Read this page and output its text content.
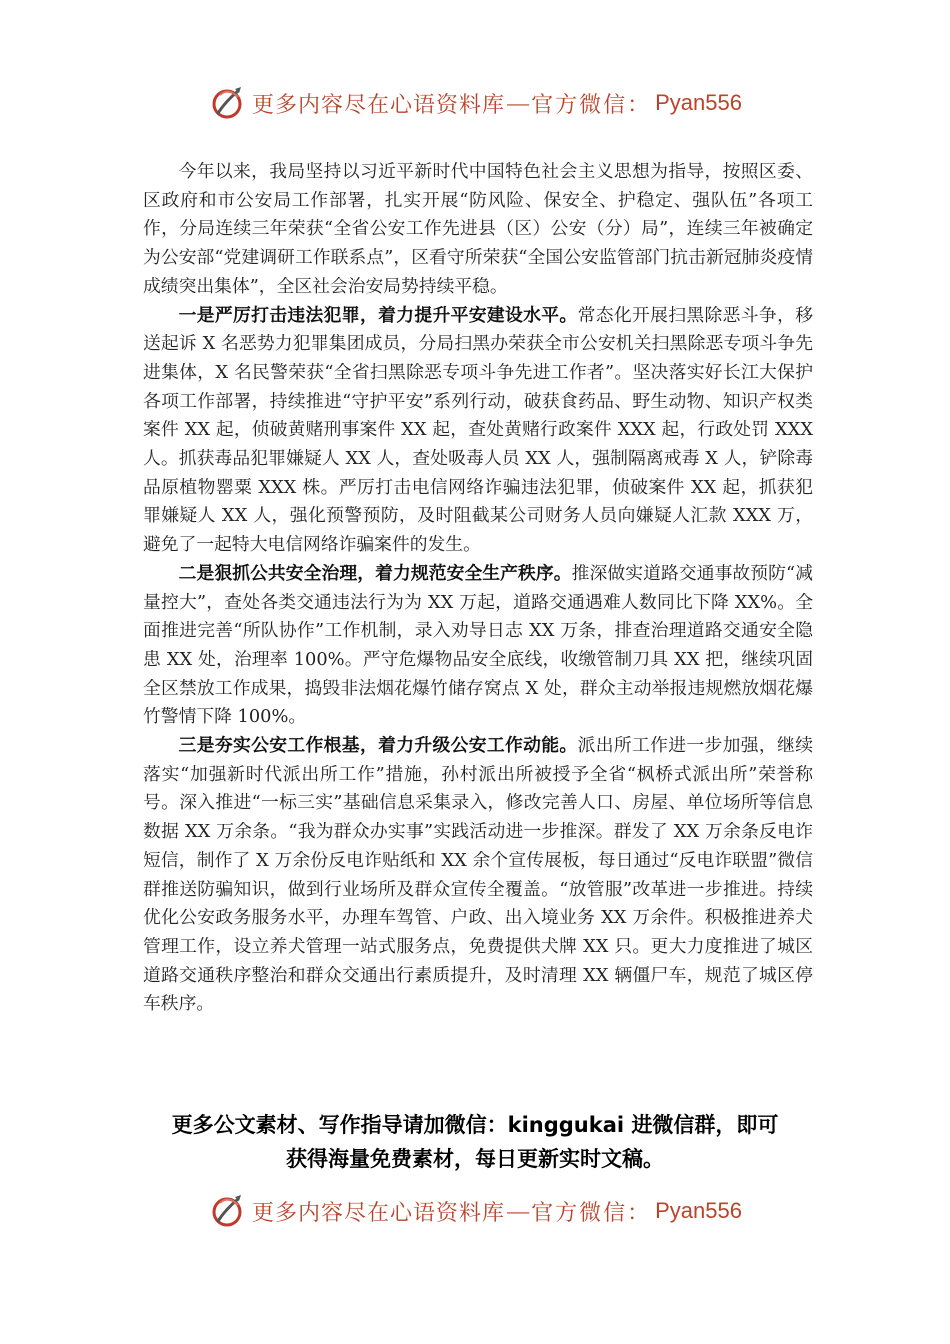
更多内容尽在心语资料库 — 官方微信： Pyan556

今年以来，我局坚持以习近平新时代中国特色社会主义思想为指导，按照区委、区政府和市公安局工作部署，扎实开展“防风险、保安全、护稳定、强队伍”各项工作，分局连续三年荣获“全省公安工作先进县（区）公安（分）局”，连续三年被确定为公安部“党建调研工作联系点”，区看守所荣获“全国公安监管部门抗击新冠肺炎疫情成绩突出集体”，全区社会治安局势持续平稳。

一是严厉打击违法犯罪，着力提升平安建设水平。常态化开展扫黑除恶斗争，移送起诉 X 名恶势力犯罪集团成员，分局扫黑办荣获全市公安机关扫黑除恶专项斗争先进集体，X 名民警荣获“全省扫黑除恶专项斗争先进工作者”。坚决落实好长江大保护各项工作部署，持续推进“守护平安”系列行动，破获食药品、野生动物、知识产权类案件 XX 起，侦破黄赌刑事案件 XX 起，查处黄赌行政案件 XXX 起，行政处罚 XXX 人。抓获毒品犯罪嫌疑人 XX 人，查处吸毒人员 XX 人，强制隔离戒毒 X 人，铲除毒品原植物罂粟 XXX 株。严厉打击电信网络诈骗违法犯罪，侦破案件 XX 起，抓获犯罪嫌疑人 XX 人，强化预警预防，及时阻截某公司财务人员向嫌疑人汇款 XXX 万，避免了一起特大电信网络诈骗案件的发生。

二是狠抓公共安全治理，着力规范安全生产秩序。推深做实道路交通事故预防“减量控大”，查处各类交通违法行为为 XX 万起，道路交通遇难人数同比下降 XX%。全面推进完善“所队协作”工作机制，录入劝导日志 XX 万条，排查治理道路交通安全隐患 XX 处，治理率 100%。严守危爆物品安全底线，收缴管制刀具 XX 把，继续巩固全区禁放工作成果，捣毁非法烟花爆竹储存窝点 X 处，群众主动举报违规燃放烟花爆竹警情下降 100%。

三是夯实公安工作根基，着力升级公安工作动能。派出所工作进一步加强，继续落实“加强新时代派出所工作”措施，孙村派出所被授予全省“枫桥式派出所”荣誉称号。深入推进“一标三实”基础信息采集录入，修改完善人口、房屋、单位场所等信息数据 XX 万余条。“我为群众办实事”实践活动进一步推深。群发了 XX 万余条反电诈短信，制作了 X 万余份反电诈贴纸和 XX 余个宣传展板，每日通过“反电诈联盟”微信群推送防骗知识，做到行业场所及群众宣传全覆盖。“放管服”改革进一步推进。持续优化公安政务服务水平，办理车驾管、户政、出入境业务 XX 万余件。积极推进养犬管理工作，设立养犬管理一站式服务点，免费提供犬牌 XX 只。更大力度推进了城区道路交通秩序整治和群众交通出行素质提升，及时清理 XX 辆僵尸车，规范了城区停车秩序。

更多公文素材、写作指导请加微信：kinggukai 进微信群，即可
获得海量免费素材，每日更新实时文稿。
更多内容尽在心语资料库 — 官方微信： Pyan556
